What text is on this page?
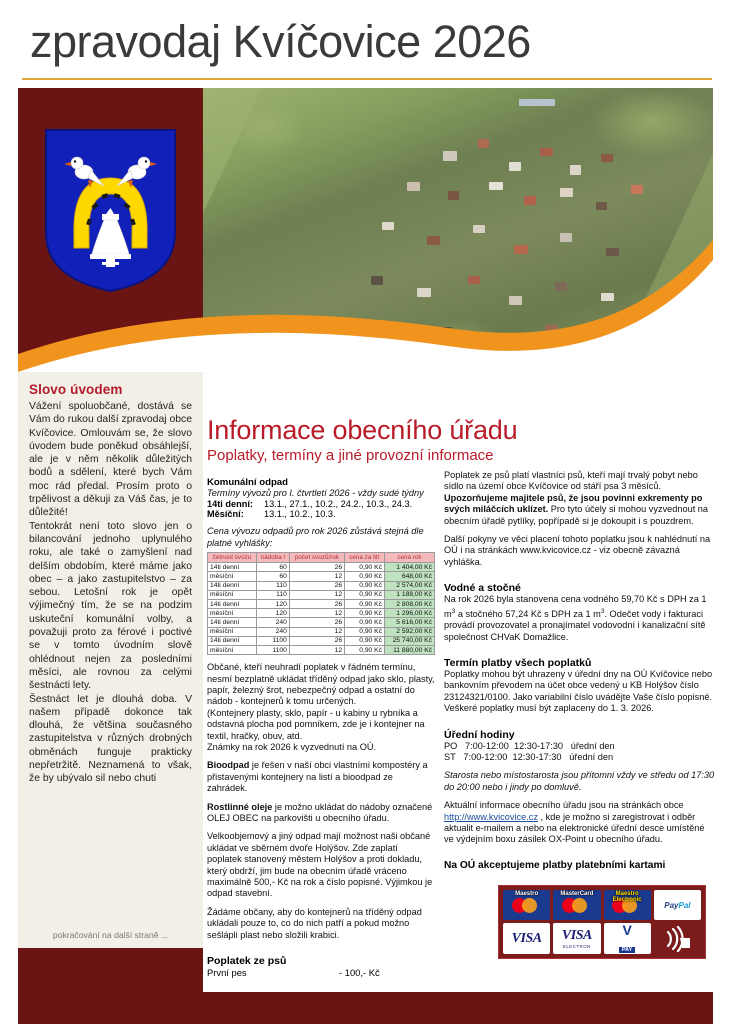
zpravodaj Kvíčovice 2026
Slovo úvodem

Vážení spoluobčané, dostává se Vám do rukou další zpravodaj obce Kvíčovice. Omlouvám se, že slovo úvodem bude poněkud obsáhlejší, ale je v něm několik důležitých bodů a sdělení, které bych Vám moc rád předal. Prosím proto o trpělivost a děkuji za Váš čas, je to důležité!

Tentokrát není toto slovo jen o bilancování jednoho uplynulého roku, ale také o zamyšlení nad delším obdobím, které máme jako obec – a jako zastupitelstvo – za sebou. Letošní rok je opět výjimečný tím, že se na podzim uskuteční komunální volby, a považuji proto za férové i poctivé se v tomto úvodním slově ohlédnout nejen za posledními měsíci, ale rovnou za celými šestnácti lety.

Šestnáct let je dlouhá doba. V našem případě dokonce tak dlouhá, že většina současného zastupitelstva v různých drobných obměnách funguje prakticky nepřetržitě. Neznamená to však, že by ubývalo sil nebo chuti

pokračování na další straně ...
Informace obecního úřadu
Poplatky, termíny a jiné provozní informace
Komunální odpad

Termíny vývozů pro I. čtvrtletí 2026 - vždy sudé týdny

14ti denní:	13.1., 27.1., 10.2., 24.2., 10.3., 24.3.
Měsíční:	13.1., 10.2., 10.3.

Cena vývozu odpadů pro rok 2026 zůstává stejná dle platné vyhlášky:

četnost svozu	nádoba l	počet svozů/rok	cena za litr	cena rok
14ti denní	60	26	0,90 Kč	1 404,00 Kč
měsíční	60	12	0,90 Kč	648,00 Kč
14ti denní	110	26	0,90 Kč	2 574,00 Kč
měsíční	110	12	0,90 Kč	1 188,00 Kč
14ti denní	120	26	0,90 Kč	2 808,00 Kč
měsíční	120	12	0,90 Kč	1 296,00 Kč
14ti denní	240	26	0,90 Kč	5 616,00 Kč
měsíční	240	12	0,90 Kč	2 592,00 Kč
14ti denní	1100	26	0,90 Kč	25 740,00 Kč
měsíční	1100	12	0,90 Kč	11 880,00 Kč

Občané, kteří neuhradí poplatek v řádném termínu, nesmí bezplatně ukládat tříděný odpad jako sklo, plasty, papír, železný šrot, nebezpečný odpad a ostatní do nádob - kontejnerů k tomu určených.

(Kontejnery plasty, sklo, papír - u kabiny u rybníka a odstavná plocha pod pomníkem, zde je i kontejner na textil, hračky, obuv, atd.

Známky na rok 2026 k vyzvednutí na OÚ.

Bioodpad je řešen v naší obci vlastními kompostéry a přistavenými kontejnery na listí a bioodpad ze zahrádek.

Rostlinné oleje je možno ukládat do nádoby označené OLEJ OBEC na parkovišti u obecního úřadu.

Velkoobjemový a jiný odpad mají možnost naši občané ukládat ve sběrném dvoře Holýšov. Zde zaplatí poplatek stanovený městem Holýšov a proti dokladu, který obdrží, jim bude na obecním úřadě vráceno maximálně 500,- Kč na rok a číslo popisné. Výjimkou je odpad stavební.

Žádáme občany, aby do kontejnerů na tříděný odpad ukládali pouze to, co do nich patří a pokud možno sešlápli plast nebo složili krabici.

Poplatek ze psů
První pes	- 100,- Kč

Poplatek ze psů platí vlastníci psů, kteří mají trvalý pobyt nebo sídlo na území obce Kvíčovice od stáří psa 3 měsíců. Upozorňujeme majitele psů, že jsou povinni exkrementy po svých miláčcích uklízet. Pro tyto účely si mohou vyzvednout na obecním úřadě pytlíky, popřípadě si je dokoupit i s pouzdrem.

Další pokyny ve věci placení tohoto poplatku jsou k nahlédnutí na OÚ i na stránkách www.kvicovice.cz - viz obecně závazná vyhláška.

Vodné a stočné

Na rok 2026 byla stanovena cena vodného 59,70 Kč s DPH za 1 $m^3$ a stočného 57,24 Kč s DPH za 1 $m^3$. Odečet vody i fakturaci provádí provozovatel a pronajímatel vodovodní i kanalizační sítě společnost CHVaK Domažlice.

Termín platby všech poplatků

Poplatky mohou být uhrazeny v úřední dny na OÚ Kvíčovice nebo bankovním převodem na účet obce vedený u KB Holýšov číslo 23124321/0100. Jako variabilní číslo uvádějte Vaše číslo popisné. Veškeré poplatky musí být zaplaceny do 1. 3. 2026.

Úřední hodiny

PO 7:00-12:00 12:30-17:30 úřední den

ST 7:00-12:00 12:30-17:30 úřední den

Starosta nebo místostarosta jsou přítomni vždy ve středu od 17:30 do 20:00 nebo i jindy po domluvě.

Aktuální informace obecního úřadu jsou na stránkách obce http://www.kvicovice.cz , kde je možno si zaregistrovat i odběr aktualit e-mailem a nebo na elektronické úřední desce umístěné ve výdejním boxu zásilek OX-Point u obecního úřadu.

Na OÚ akceptujeme platby platebními kartami
Maestro	MasterCard	Maestro Electronic
PayPal
VISA VISA
ELECTRON
V
PAY
